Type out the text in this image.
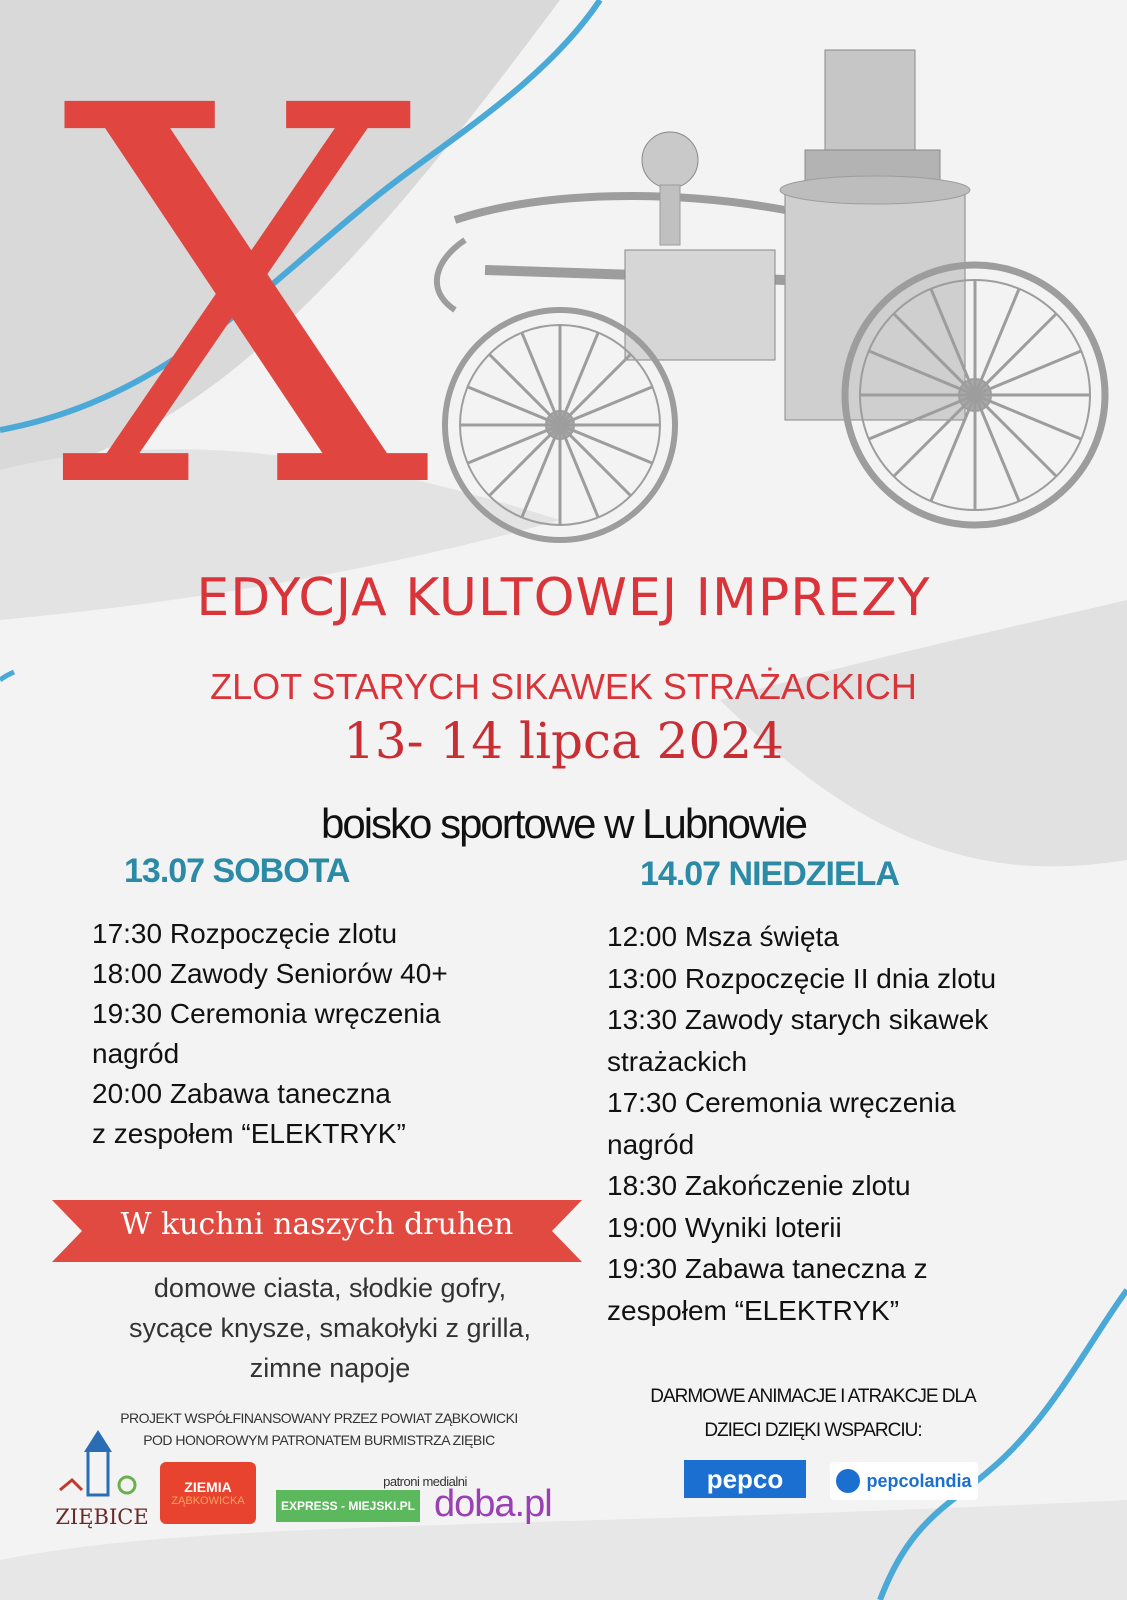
X
EDYCJA KULTOWEJ IMPREZY
ZLOT STARYCH SIKAWEK STRAŻACKICH
13- 14 lipca 2024
boisko sportowe w Lubnowie
13.07 SOBOTA	14.07 NIEDZIELA
17:30 Rozpoczęcie zlotu
18:00 Zawody Seniorów 40+
19:30 Ceremonia wręczenia
nagród
20:00 Zabawa taneczna
z zespołem “ELEKTRYK”
12:00 Msza święta
13:00 Rozpoczęcie II dnia zlotu
13:30 Zawody starych sikawek
strażackich
17:30 Ceremonia wręczenia
nagród
18:30 Zakończenie zlotu
19:00 Wyniki loterii
19:30 Zabawa taneczna z
zespołem “ELEKTRYK”
W kuchni naszych druhen
domowe ciasta, słodkie gofry,
sycące knysze, smakołyki z grilla,
zimne napoje
PROJEKT WSPÓŁFINANSOWANY PRZEZ POWIAT ZĄBKOWICKI
POD HONOROWYM PATRONATEM BURMISTRZA ZIĘBIC
patroni medialni
DARMOWE ANIMACJE I ATRAKCJE DLA
DZIECI DZIĘKI WSPARCIU:
ZIĘBICE
ZIEMIA
ZĄBKOWICKA	EXPRESS - MIEJSKI.PL doba.pl
pepco	pepcolandia
